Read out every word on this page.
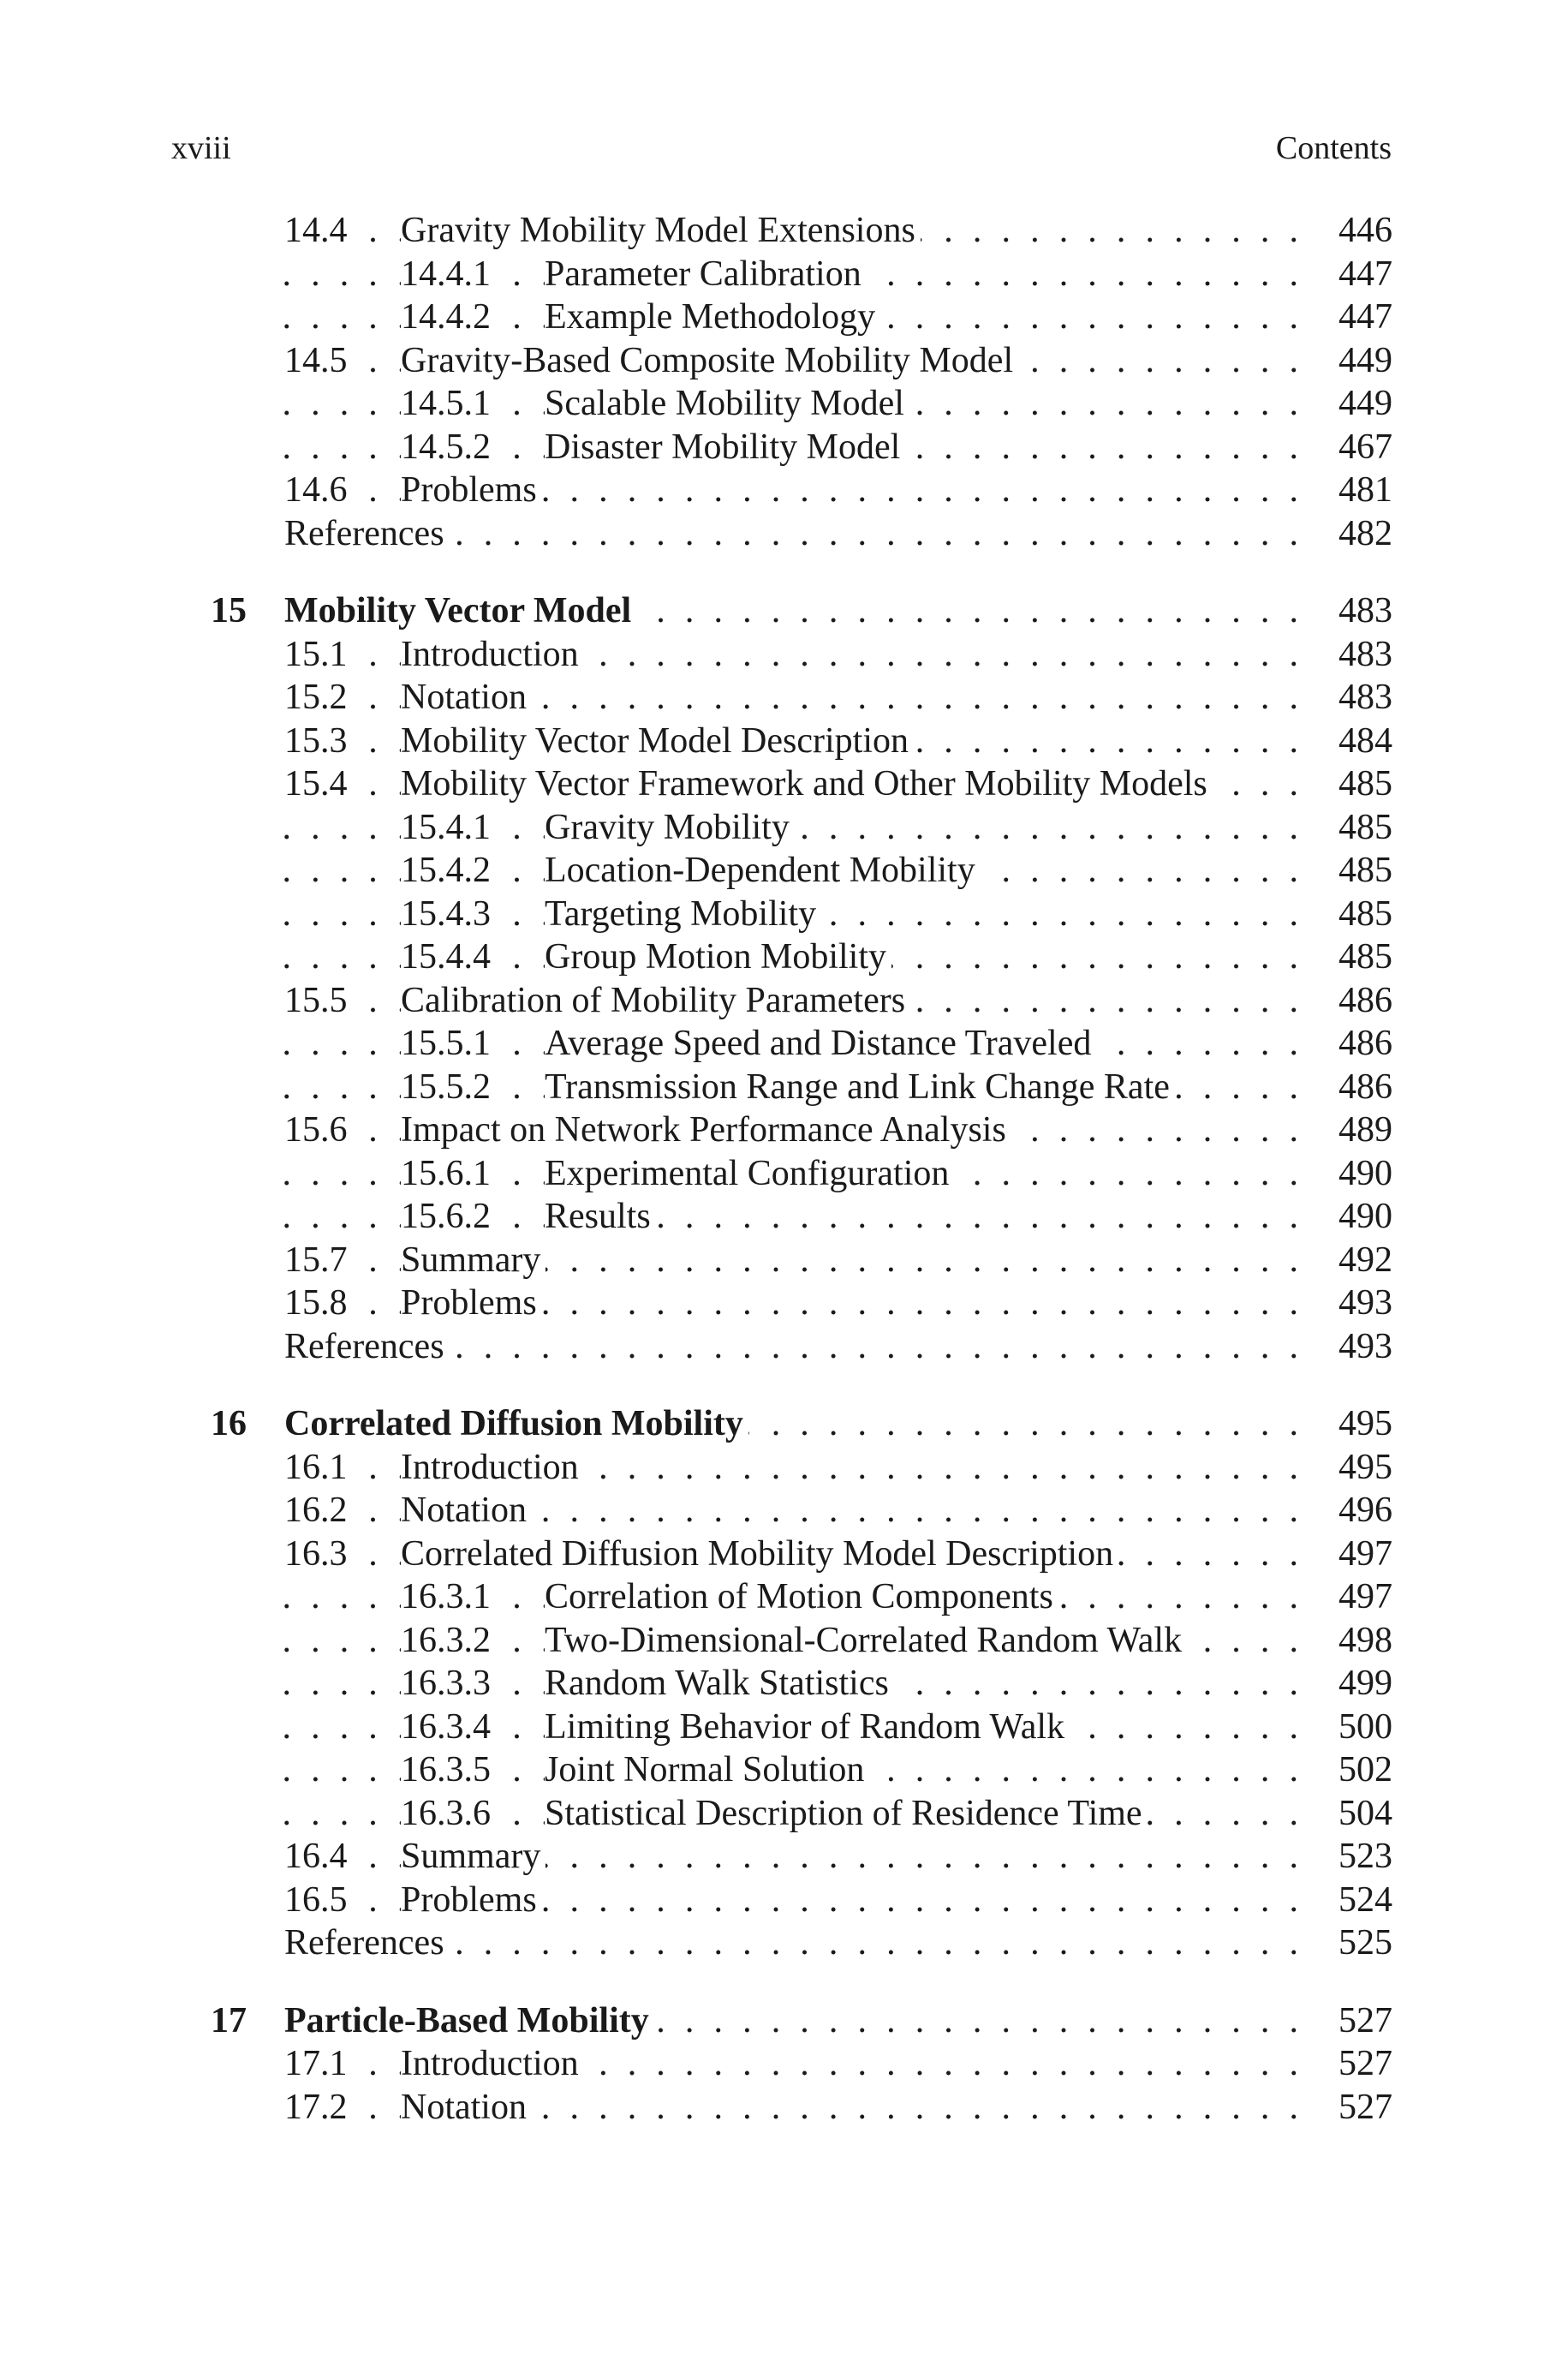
xviii	Contents
. . .
14.4 Gravity Mobility Model Extensions	446
. . .
14.4.1 Parameter Calibration	447
. . .
14.4.2 Example Methodology	447
. . .
14.5 Gravity-Based Composite Mobility Model	449
. . .
14.5.1 Scalable Mobility Model	449
. . .
14.5.2 Disaster Mobility Model	467
. . .
14.6 Problems	481
. . .
References	482
. . .
15 Mobility Vector Model	483
. . .
15.1 Introduction	483
. . .
15.2 Notation	483
. . .
15.3 Mobility Vector Model Description	484
. . .
15.4 Mobility Vector Framework and Other Mobility Models	485
. . .
15.4.1 Gravity Mobility	485
. . .
15.4.2 Location-Dependent Mobility	485
. . .
15.4.3 Targeting Mobility	485
. . .
15.4.4 Group Motion Mobility	485
. . .
15.5 Calibration of Mobility Parameters	486
. . .
15.5.1 Average Speed and Distance Traveled	486
. . .
15.5.2 Transmission Range and Link Change Rate	486
. . .
15.6 Impact on Network Performance Analysis	489
. . .
15.6.1 Experimental Configuration	490
. . .
15.6.2 Results	490
. . .
15.7 Summary	492
. . .
15.8 Problems	493
. . .
References	493
. . .
16 Correlated Diffusion Mobility	495
. . .
16.1 Introduction	495
. . .
16.2 Notation	496
. . .
16.3 Correlated Diffusion Mobility Model Description	497
. . .
16.3.1 Correlation of Motion Components	497
. . .
16.3.2 Two-Dimensional-Correlated Random Walk	498
. . .
16.3.3 Random Walk Statistics	499
. . .
16.3.4 Limiting Behavior of Random Walk	500
. . .
16.3.5 Joint Normal Solution	502
. . .
16.3.6 Statistical Description of Residence Time	504
. . .
16.4 Summary	523
. . .
16.5 Problems	524
. . .
References	525
. . .
17 Particle-Based Mobility	527
. . .
17.1 Introduction	527
. . .
17.2 Notation	527
